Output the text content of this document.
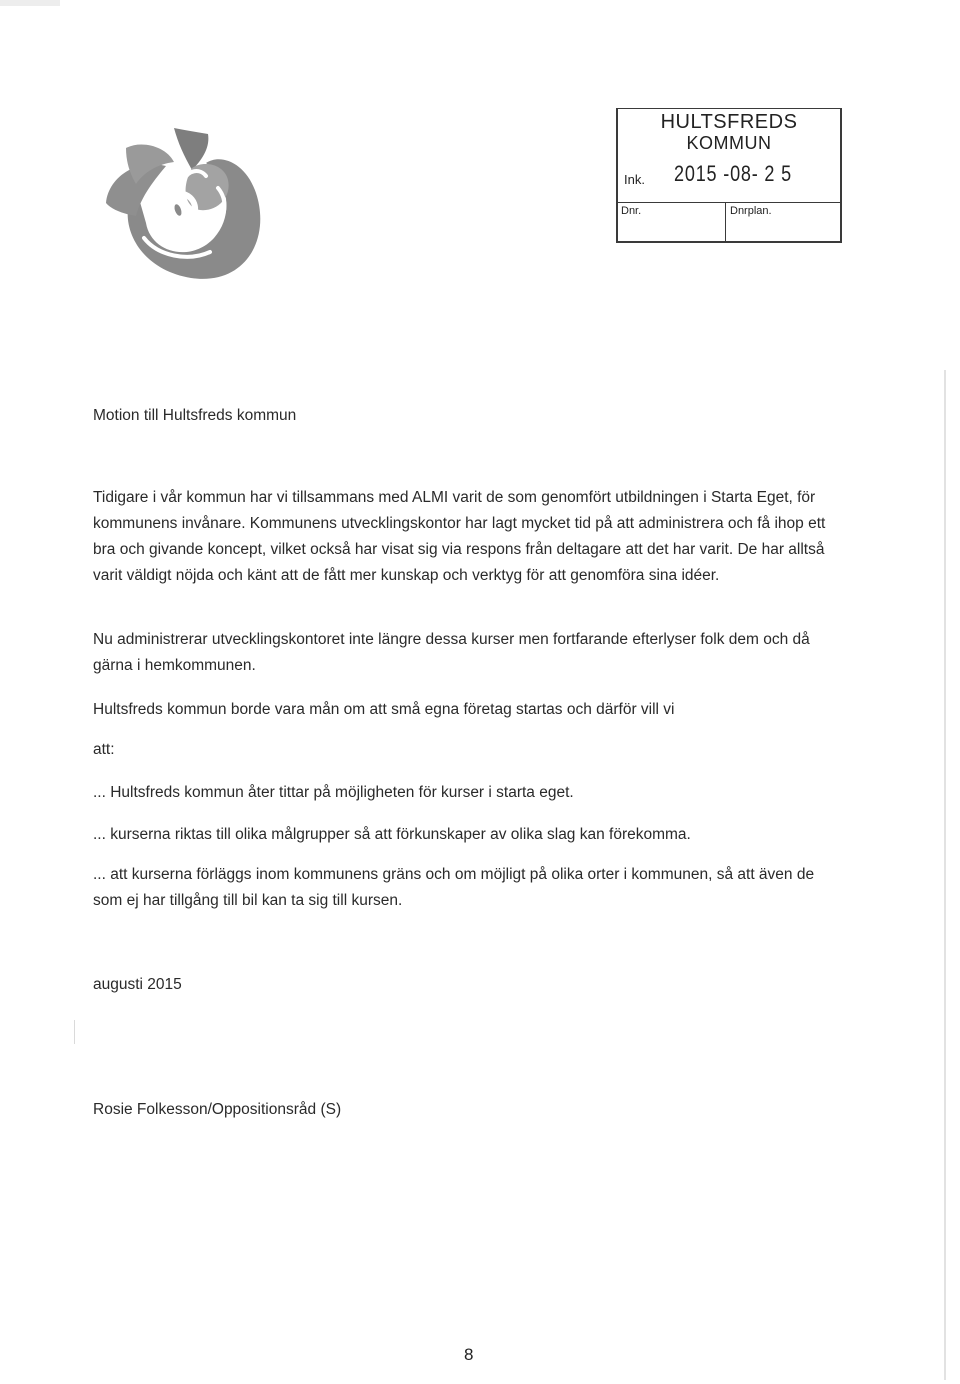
HULTSFREDS
KOMMUN
Ink. 2015 -08- 2 5
Dnr.	Dnrplan.
Motion till Hultsfreds kommun
Tidigare i vår kommun har vi tillsammans med ALMI varit de som genomfört utbildningen i Starta Eget, för kommunens invånare. Kommunens utvecklingskontor har lagt mycket tid på att administrera och få ihop ett bra och givande koncept, vilket också har visat sig via respons från deltagare att det har varit. De har alltså varit väldigt nöjda och känt att de fått mer kunskap och verktyg för att genomföra sina idéer.
Nu administrerar utvecklingskontoret inte längre dessa kurser men fortfarande efterlyser folk dem och då gärna i hemkommunen.
Hultsfreds kommun borde vara mån om att små egna företag startas och därför vill vi
att:
... Hultsfreds kommun åter tittar på möjligheten för kurser i starta eget.
... kurserna riktas till olika målgrupper så att förkunskaper av olika slag kan förekomma.
... att kurserna förläggs inom kommunens gräns och om möjligt på olika orter i kommunen, så att även de som ej har tillgång till bil kan ta sig till kursen.
augusti 2015
Rosie Folkesson/Oppositionsråd (S)
8
